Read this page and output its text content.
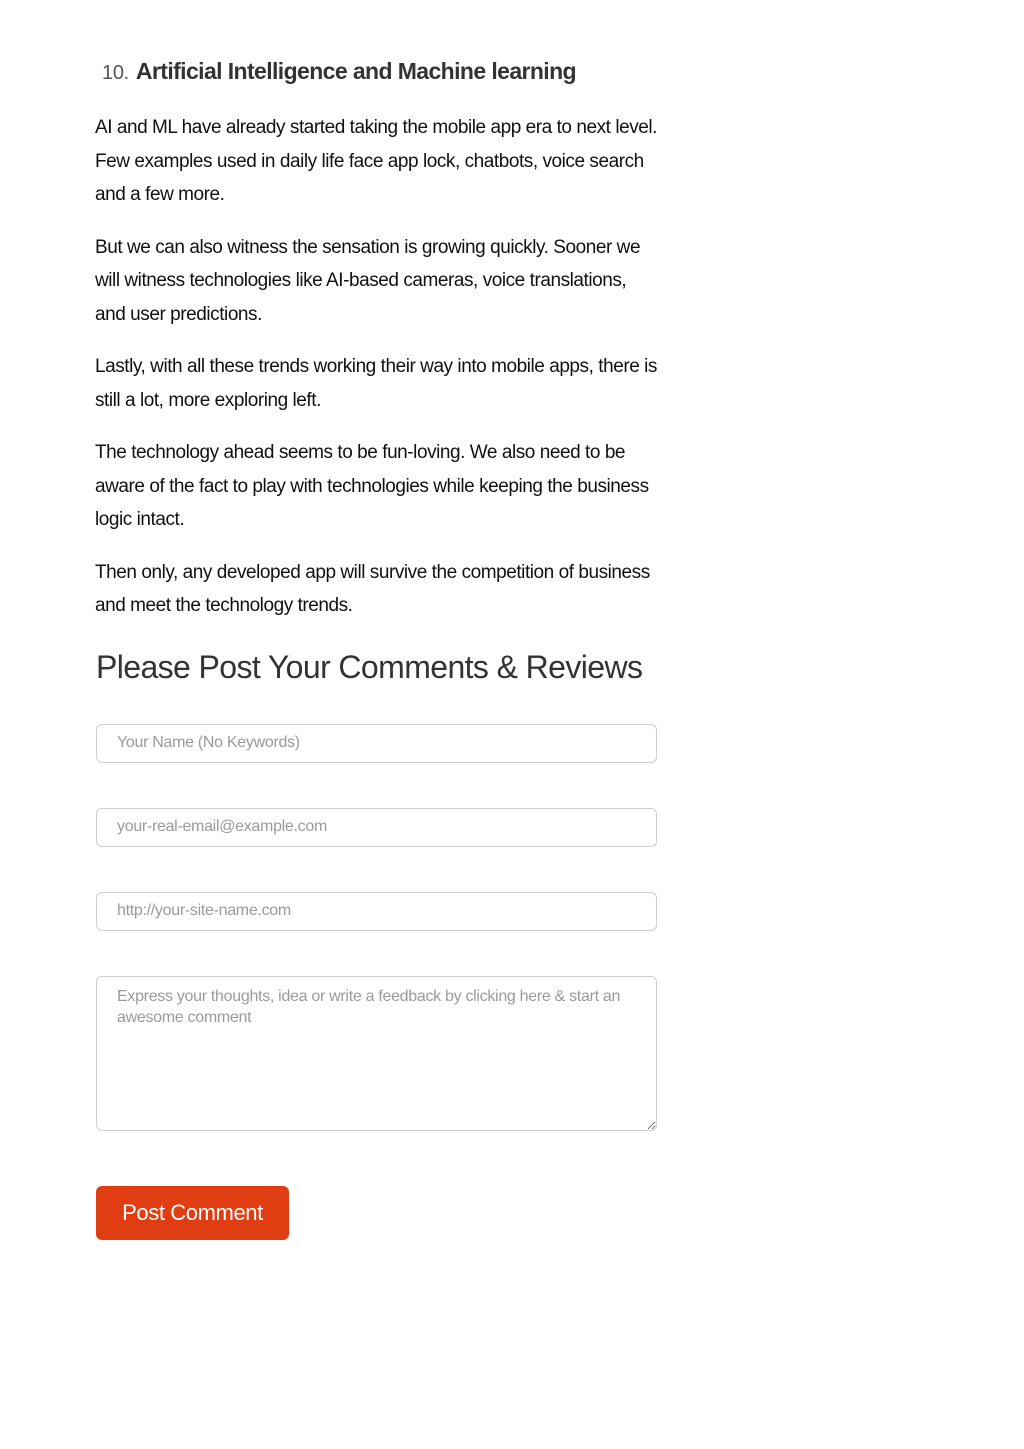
10. Artificial Intelligence and Machine learning

AI and ML have already started taking the mobile app era to next level. Few examples used in daily life face app lock, chatbots, voice search and a few more.

But we can also witness the sensation is growing quickly. Sooner we will witness technologies like AI-based cameras, voice translations, and user predictions.

Lastly, with all these trends working their way into mobile apps, there is still a lot, more exploring left.

The technology ahead seems to be fun-loving. We also need to be aware of the fact to play with technologies while keeping the business logic intact.

Then only, any developed app will survive the competition of business and meet the technology trends.

Please Post Your Comments & Reviews
Your Name (No Keywords)
your-real-email@example.com
http://your-site-name.com
Express your thoughts, idea or write a feedback by clicking here & start an awesome comment
Post Comment
